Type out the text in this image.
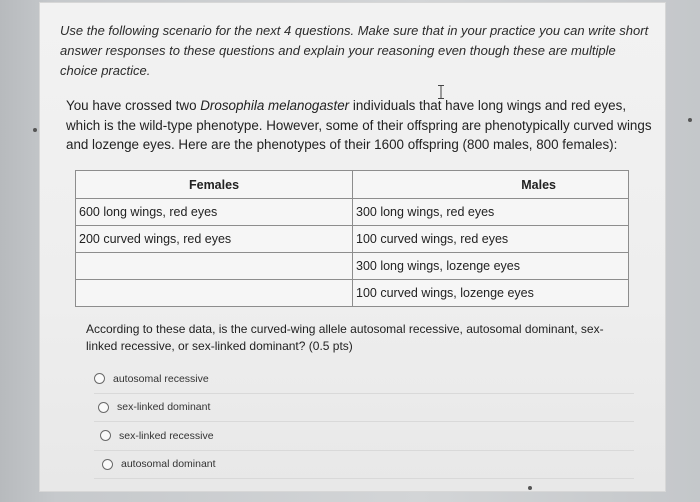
Use the following scenario for the next 4 questions. Make sure that in your practice you can write short answer responses to these questions and explain your reasoning even though these are multiple choice practice.
You have crossed two Drosophila melanogaster individuals that have long wings and red eyes, which is the wild-type phenotype. However, some of their offspring are phenotypically curved wings and lozenge eyes. Here are the phenotypes of their 1600 offspring (800 males, 800 females):
Females	Males
600 long wings, red eyes	300 long wings, red eyes
200 curved wings, red eyes	100 curved wings, red eyes
	300 long wings, lozenge eyes
	100 curved wings, lozenge eyes
According to these data, is the curved-wing allele autosomal recessive, autosomal dominant, sex-linked recessive, or sex-linked dominant? (0.5 pts)
autosomal recessive
sex-linked dominant
sex-linked recessive
autosomal dominant
